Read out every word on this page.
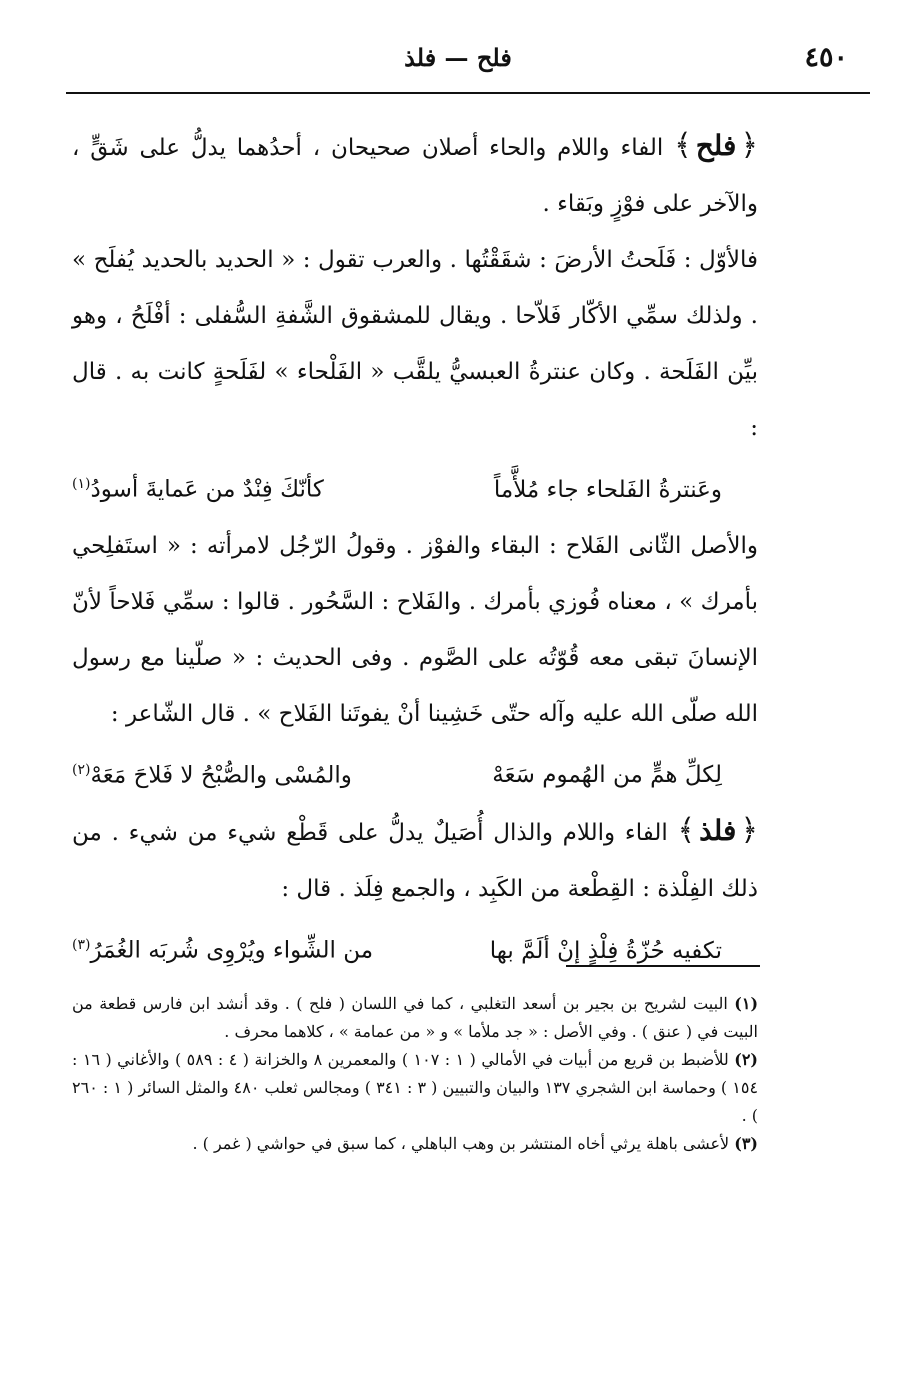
٤٥٠
فلح — فلذ

﴿فلح﴾ الفاء واللام والحاء أصلان صحيحان ، أحدُهما يدلُّ على شَقٍّ ، والآخر على فوْزٍ وبَقاء .

فالأوّل : فَلَحتُ الأرضَ : شقَقْتُها . والعرب تقول : « الحديد بالحديد يُفلَح » . ولذلك سمِّي الأكّار فَلاّحا . ويقال للمشقوق الشَّفةِ السُّفلى : أفْلَحُ ، وهو بيِّن الفَلَحة . وكان عنترةُ العبسيُّ يلقَّب « الفَلْحاء » لفَلَحةٍ كانت به . قال :

وعَنترةُ الفَلحاء جاء مُلأَّماً
كأنّكَ فِنْدٌ من عَمايةَ أسودُ$^{(١)}$

والأصل الثّانى الفَلاح : البقاء والفوْز . وقولُ الرّجُل لامرأته : « استَفلِحي بأمرك » ، معناه فُوزي بأمرك . والفَلاح : السَّحُور . قالوا : سمِّي فَلاحاً لأنّ الإنسانَ تبقى معه قُوّتُه على الصَّوم . وفى الحديث : « صلّينا مع رسول الله صلّى الله عليه وآله حتّى خَشِينا أنْ يفوتَنا الفَلاح » . قال الشّاعر :

لِكلِّ همٍّ من الهُموم سَعَهْ
والمُسْى والصُّبْحُ لا فَلاحَ مَعَهْ$^{(٢)}$

﴿فلذ﴾ الفاء واللام والذال أُصَيلٌ يدلُّ على قَطْع شيء من شيء . من ذلك الفِلْذة : القِطْعة من الكَبِد ، والجمع فِلَذ . قال :

تكفيه حُزّةُ فِلْذٍ إنْ ألَمَّ بها
من الشِّواء ويُرْوِى شُربَه الغُمَرُ$^{(٣)}$

(١) البيت لشريح بن بجير بن أسعد التغلبي ، كما في اللسان ( فلح ) . وقد أنشد ابن فارس قطعة من البيت في ( عنق ) . وفي الأصل : « جد ملأما » و « من عمامة » ، كلاهما محرف .

(٢) للأضبط بن قريع من أبيات في الأمالي ( ١ : ١٠٧ ) والمعمرين ٨ والخزانة ( ٤ : ٥٨٩ ) والأغاني ( ١٦ : ١٥٤ ) وحماسة ابن الشجري ١٣٧ والبيان والتبيين ( ٣ : ٣٤١ ) ومجالس ثعلب ٤٨٠ والمثل السائر ( ١ : ٢٦٠ ) .

(٣) لأعشى باهلة يرثي أخاه المنتشر بن وهب الباهلي ، كما سبق في حواشي ( غمر ) .
